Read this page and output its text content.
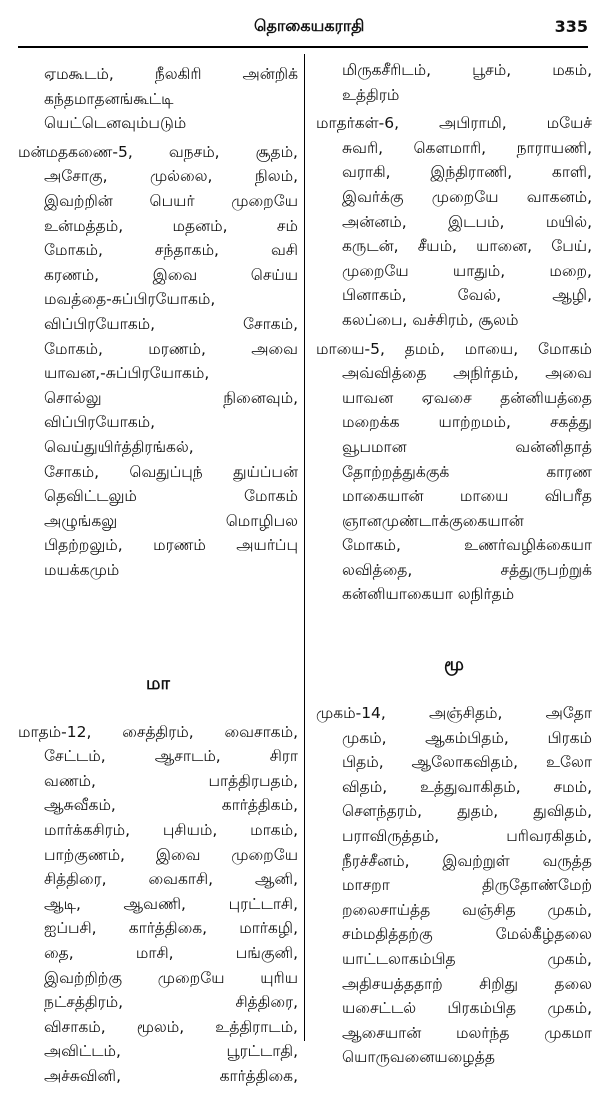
தொகையகராதி	335
ஏமகூடம், நீலகிரி அன்றிக்
கந்தமாதனங்கூட்டி
யெட்டெனவும்படும்
மன்மதகணை-5, வநசம், சூதம்,
அசோகு, முல்லை, நிலம்,
இவற்றின் பெயர் முறையே
உன்மத்தம், மதனம், சம்
மோகம், சந்தாகம், வசி
கரணம், இவை செய்ய
மவத்தை-சுப்பிரயோகம்,
விப்பிரயோகம், சோகம்,
மோகம், மரணம், அவை
யாவன,-சுப்பிரயோகம்,
சொல்லு நினைவும்,
விப்பிரயோகம்,
வெய்துயிர்த்திரங்கல்,
சோகம், வெதுப்புந் துய்ப்பன்
தெவிட்டலும் மோகம்
அழுங்கலு மொழிபல
பிதற்றலும், மரணம் அயர்ப்பு
மயக்கமும்
மா
மாதம்-12, சைத்திரம், வைசாகம்,
சேட்டம், ஆசாடம், சிரா
வணம், பாத்திரபதம்,
ஆசுவீகம், கார்த்திகம்,
மார்க்கசிரம், புசியம், மாகம்,
பாற்குணம், இவை முறையே
சித்திரை, வைகாசி, ஆனி,
ஆடி, ஆவணி, புரட்டாசி,
ஐப்பசி, கார்த்திகை, மார்கழி,
தை, மாசி, பங்குனி,
இவற்றிற்கு முறையே யுரிய
நட்சத்திரம், சித்திரை,
விசாகம், மூலம், உத்திராடம்,
அவிட்டம், பூரட்டாதி,
அச்சுவினி, கார்த்திகை,
மிருகசீரிடம், பூசம், மகம்,
உத்திரம்
மாதர்கள்-6, அபிராமி, மயேச்
சுவரி, கௌமாரி, நாராயணி,
வராகி, இந்திராணி, காளி,
இவர்க்கு முறையே வாகனம்,
அன்னம், இடபம், மயில்,
கருடன், சீயம், யானை, பேய்,
முறையே யாதும், மறை,
பினாகம், வேல், ஆழி,
கலப்பை, வச்சிரம், சூலம்
மாயை-5, தமம், மாயை, மோகம்
அவ்வித்தை அநிர்தம், அவை
யாவன ஏவசை தன்னியத்தை
மறைக்க யாற்றமம், சகத்து
வூபமான வன்னிதாத்
தோற்றத்துக்குக் காரண
மாகையான் மாயை விபரீத
ஞானமுண்டாக்குகையான்
மோகம், உணர்வழிக்கையா
லவித்தை, சத்துருபற்றுக்
கன்னியாகையா லநிர்தம்
மூ
முகம்-14, அஞ்சிதம், அதோ
முகம், ஆகம்பிதம், பிரகம்
பிதம், ஆலோகவிதம், உலோ
விதம், உத்துவாகிதம், சமம்,
சௌந்தரம், துதம், துவிதம்,
பராவிருத்தம், பரிவரகிதம்,
நீரச்சீனம், இவற்றுள் வருத்த
மாசறா திருதோண்மேற்
றலைசாய்த்த வஞ்சித முகம்,
சம்மதித்தற்கு மேல்கீழ்தலை
யாட்டலாகம்பித முகம்,
அதிசயத்ததாற் சிறிது தலை
யசைட்டல் பிரகம்பித முகம்,
ஆசையான் மலர்ந்த முகமா
யொருவனையழைத்த
